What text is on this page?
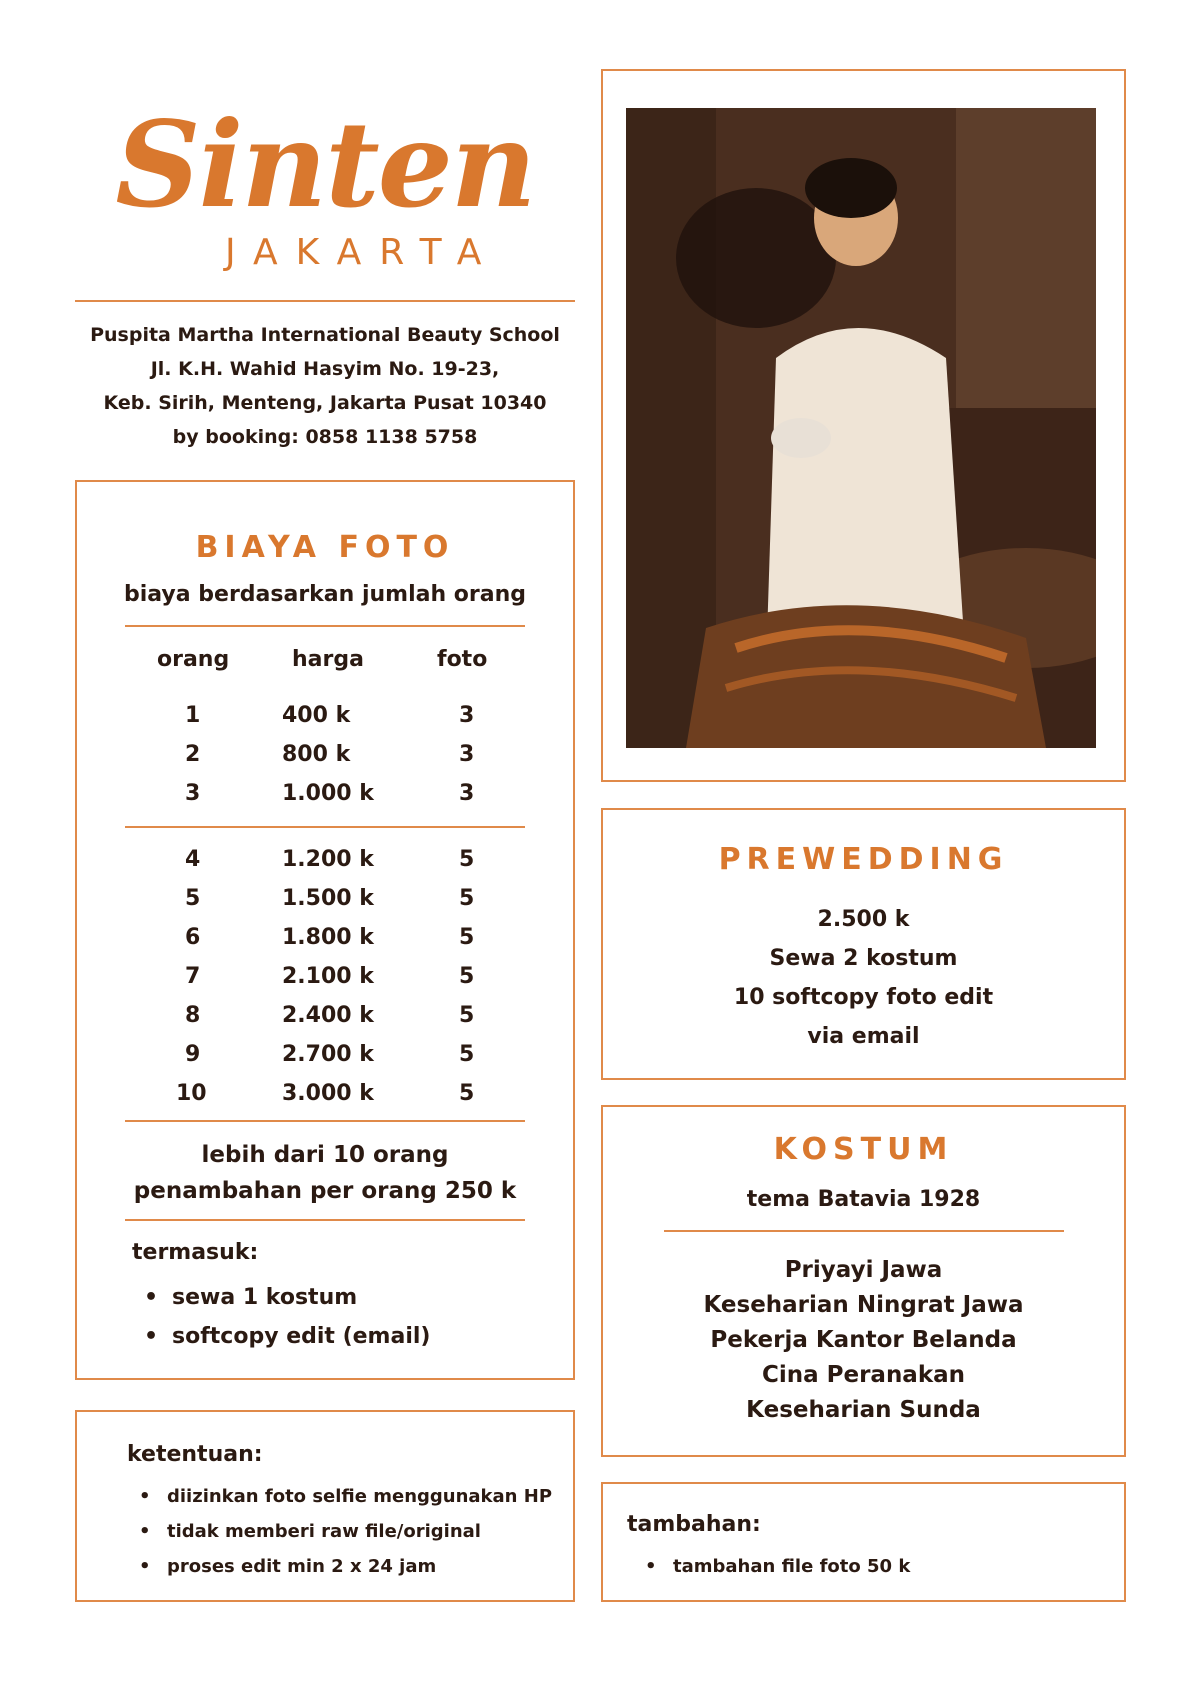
Sinten
JAKARTA
Puspita Martha International Beauty School
Jl. K.H. Wahid Hasyim No. 19-23,
Keb. Sirih, Menteng, Jakarta Pusat 10340
by booking: 0858 1138 5758
BIAYA FOTO
biaya berdasarkan jumlah orang
orang	harga	foto
1	400 k	3
2	800 k	3
3	1.000 k	3
4	1.200 k	5
5	1.500 k	5
6	1.800 k	5
7	2.100 k	5
8	2.400 k	5
9	2.700 k	5
10	3.000 k	5
lebih dari 10 orang
penambahan per orang 250 k
termasuk:
• sewa 1 kostum
• softcopy edit (email)
ketentuan:
• diizinkan foto selfie menggunakan HP
• tidak memberi raw file/original
• proses edit min 2 x 24 jam
PREWEDDING
2.500 k
Sewa 2 kostum
10 softcopy foto edit
via email
KOSTUM
tema Batavia 1928
Priyayi Jawa
Keseharian Ningrat Jawa
Pekerja Kantor Belanda
Cina Peranakan
Keseharian Sunda
tambahan:
• tambahan file foto 50 k
